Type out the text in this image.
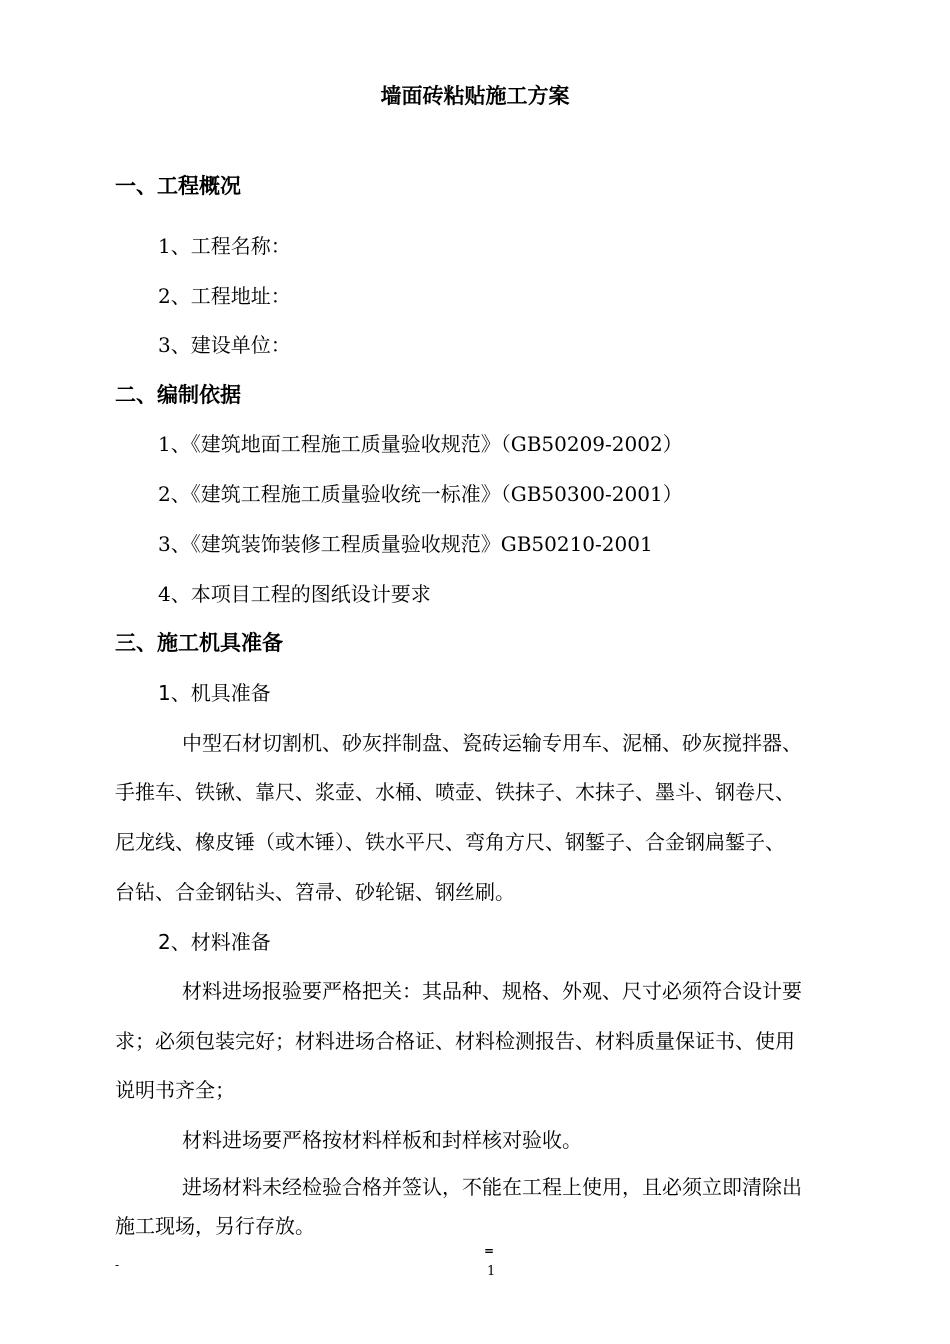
墙面砖粘贴施工方案
一、工程概况
1、工程名称：
2、工程地址：
3、建设单位：
二、编制依据
1、《建筑地面工程施工质量验收规范》（GB50209-2002）
2、《建筑工程施工质量验收统一标准》（GB50300-2001）
3、《建筑装饰装修工程质量验收规范》GB50210-2001
4、本项目工程的图纸设计要求
三、施工机具准备
1、机具准备
中型石材切割机、砂灰拌制盘、瓷砖运输专用车、泥桶、砂灰搅拌器、
手推车、铁锹、靠尺、浆壶、水桶、喷壶、铁抹子、木抹子、墨斗、钢卷尺、
尼龙线、橡皮锤（或木锤）、铁水平尺、弯角方尺、钢錾子、合金钢扁錾子、
台钻、合金钢钻头、笤帚、砂轮锯、钢丝刷。
2、材料准备
材料进场报验要严格把关：其品种、规格、外观、尺寸必须符合设计要
求；必须包装完好；材料进场合格证、材料检测报告、材料质量保证书、使用
说明书齐全；
材料进场要严格按材料样板和封样核对验收。
进场材料未经检验合格并签认，不能在工程上使用，且必须立即清除出
施工现场，另行存放。
-
=
1
